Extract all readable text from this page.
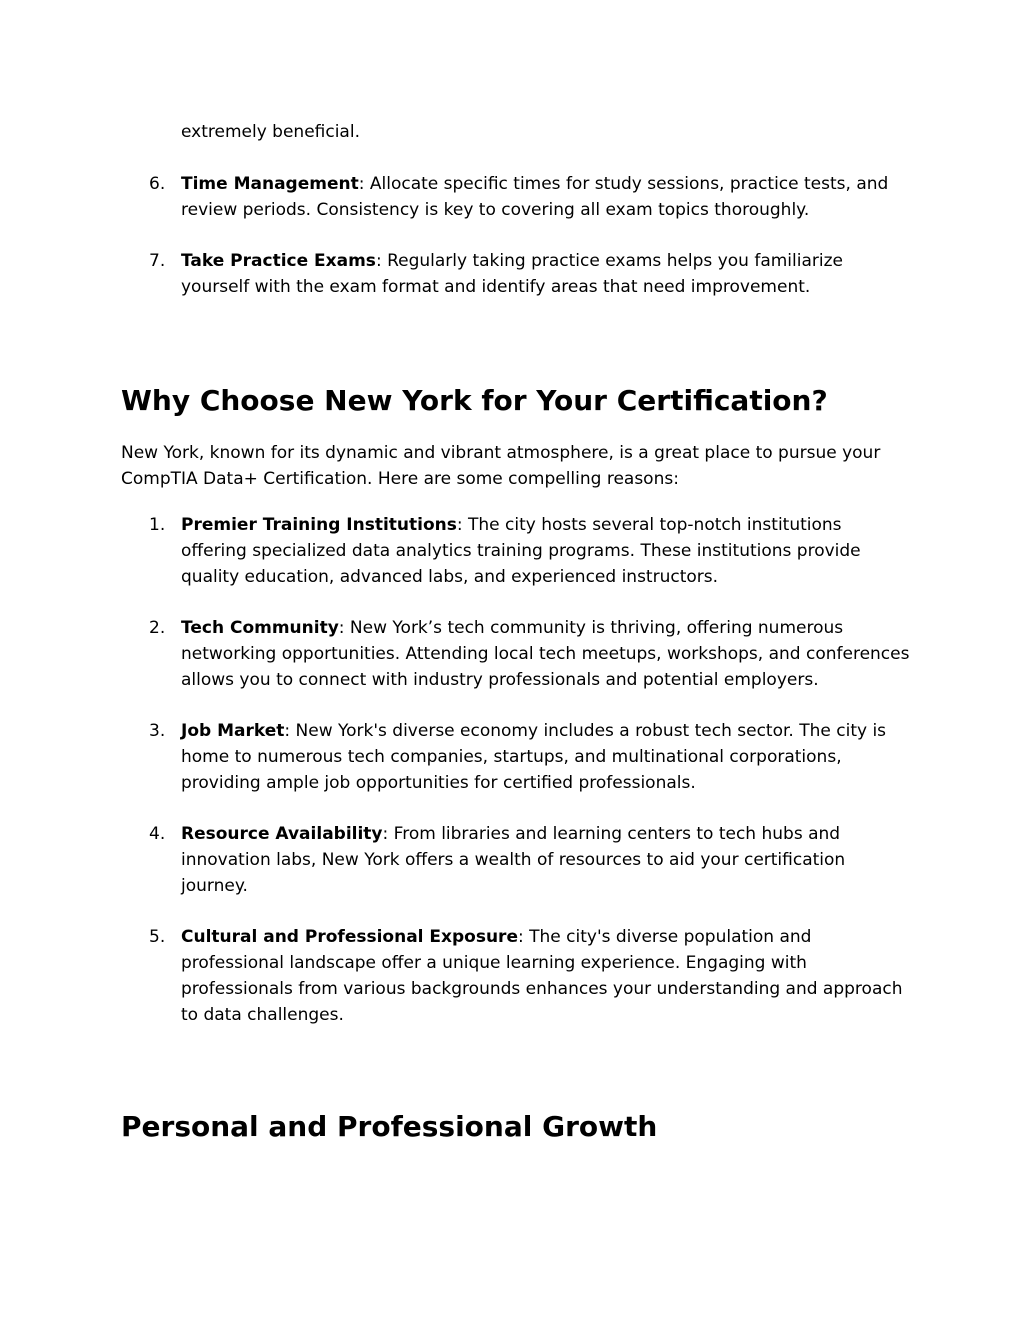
extremely beneficial.
6. Time Management: Allocate specific times for study sessions, practice tests, and review periods. Consistency is key to covering all exam topics thoroughly.
7. Take Practice Exams: Regularly taking practice exams helps you familiarize yourself with the exam format and identify areas that need improvement.
Why Choose New York for Your Certification?

New York, known for its dynamic and vibrant atmosphere, is a great place to pursue your CompTIA Data+ Certification. Here are some compelling reasons:

1. Premier Training Institutions: The city hosts several top-notch institutions offering specialized data analytics training programs. These institutions provide quality education, advanced labs, and experienced instructors.
2. Tech Community: New York’s tech community is thriving, offering numerous networking opportunities. Attending local tech meetups, workshops, and conferences allows you to connect with industry professionals and potential employers.
3. Job Market: New York's diverse economy includes a robust tech sector. The city is home to numerous tech companies, startups, and multinational corporations, providing ample job opportunities for certified professionals.
4. Resource Availability: From libraries and learning centers to tech hubs and innovation labs, New York offers a wealth of resources to aid your certification journey.
5. Cultural and Professional Exposure: The city's diverse population and professional landscape offer a unique learning experience. Engaging with professionals from various backgrounds enhances your understanding and approach to data challenges.
Personal and Professional Growth
